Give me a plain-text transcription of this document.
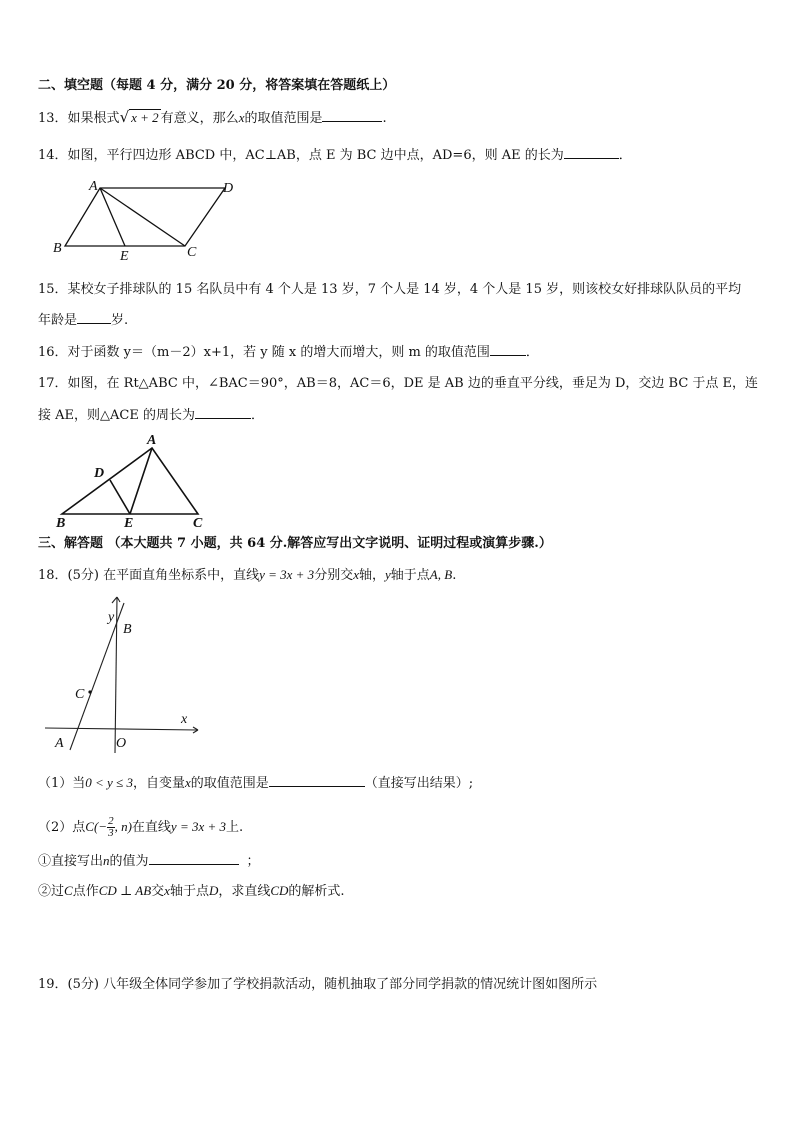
二、填空题（每题 4 分，满分 20 分，将答案填在答题纸上）
13．如果根式√ x + 2 有意义，那么x的取值范围是	.
14．如图，平行四边形 ABCD 中，AC⊥AB，点 E 为 BC 边中点，AD=6，则 AE 的长为	．
A	D
B
E	C
15．某校女子排球队的 15 名队员中有 4 个人是 13 岁，7 个人是 14 岁，4 个人是 15 岁，则该校女好排球队队员的平均
年龄是	岁.
16．对于函数 y＝（m－2）x+1，若 y 随 x 的增大而增大，则 m 的取值范围	．
17．如图，在 Rt△ABC 中，∠BAC＝90°，AB＝8，AC＝6，DE 是 AB 边的垂直平分线，垂足为 D，交边 BC 于点 E，连
接 AE，则△ACE 的周长为	．
A
D
B	E	C
三、解答题 （本大题共 7 小题，共 64 分.解答应写出文字说明、证明过程或演算步骤.）
18．(5分) 在平面直角坐标系中，直线y = 3x + 3分别交x轴，y轴于点A, B.
y
B
C
x
A	O
（1）当0 < y ≤ 3，自变量x的取值范围是	（直接写出结果）;
（2）点$C(- \frac{2}{3}$ , n)在直线y = 3x + 3上.
①直接写出n的值为	；
②过C点作CD ⊥ AB交x轴于点D，求直线CD的解析式.
19．(5分) 八年级全体同学参加了学校捐款活动，随机抽取了部分同学捐款的情况统计图如图所示
